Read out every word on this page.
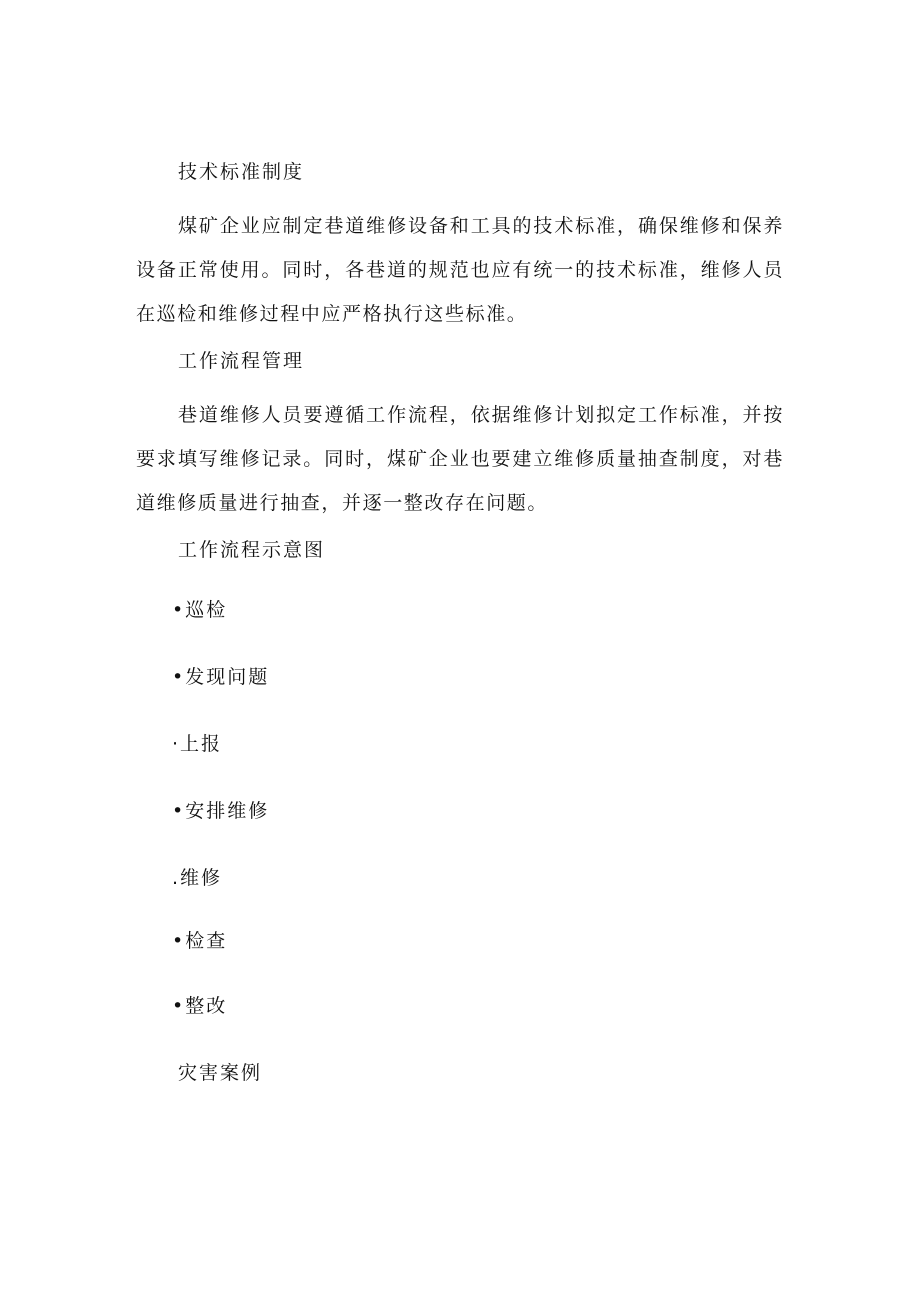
技术标准制度
煤矿企业应制定巷道维修设备和工具的技术标准，确保维修和保养设备正常使用。同时，各巷道的规范也应有统一的技术标准，维修人员在巡检和维修过程中应严格执行这些标准。
工作流程管理
巷道维修人员要遵循工作流程，依据维修计划拟定工作标准，并按要求填写维修记录。同时，煤矿企业也要建立维修质量抽查制度，对巷道维修质量进行抽查，并逐一整改存在问题。
工作流程示意图
•巡检
•发现问题
·上报
•安排维修
.维修
•检查
•整改
灾害案例
